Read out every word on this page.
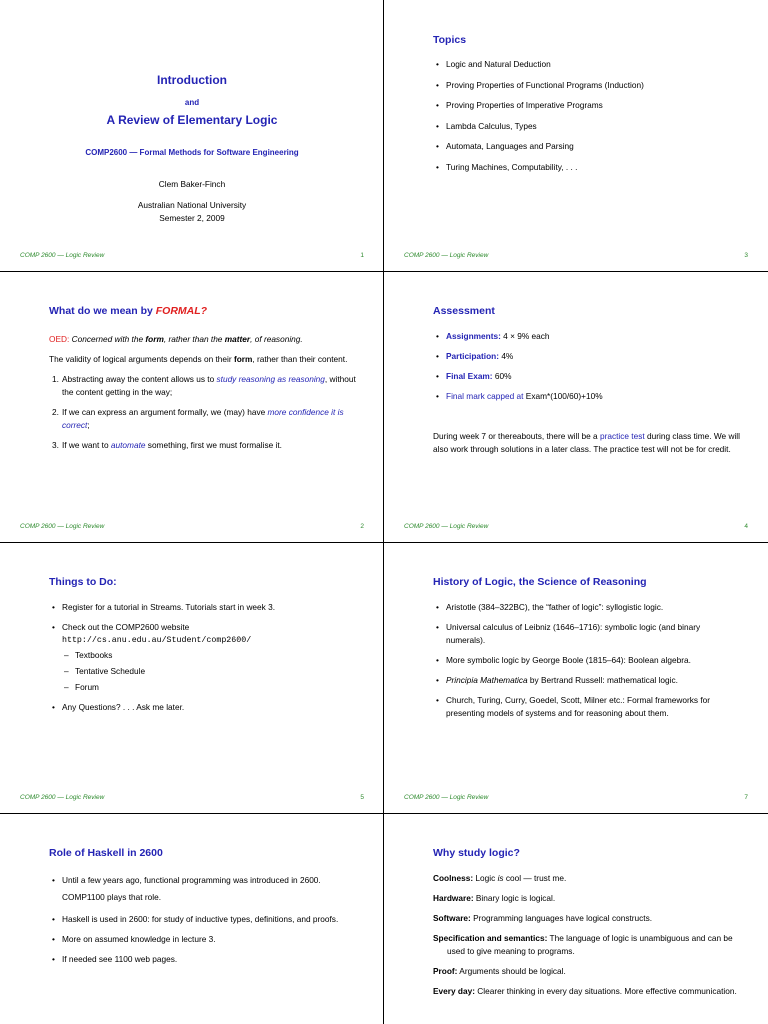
Introduction
and
A Review of Elementary Logic
COMP2600 — Formal Methods for Software Engineering
Clem Baker-Finch
Australian National University
Semester 2, 2009
COMP 2600 — Logic Review	1
Topics
• Logic and Natural Deduction
• Proving Properties of Functional Programs (Induction)
• Proving Properties of Imperative Programs
• Lambda Calculus, Types
• Automata, Languages and Parsing
• Turing Machines, Computability, . . .
COMP 2600 — Logic Review	3
What do we mean by FORMAL?
OED: Concerned with the form, rather than the matter, of reasoning.
The validity of logical arguments depends on their form, rather than their content.
1. Abstracting away the content allows us to study reasoning as reasoning, without the content getting in the way;
2. If we can express an argument formally, we (may) have more confidence it is correct;
3. If we want to automate something, first we must formalise it.
COMP 2600 — Logic Review	2
Assessment
• Assignments: 4 × 9% each
• Participation: 4%
• Final Exam: 60%
• Final mark capped at Exam*(100/60)+10%
During week 7 or thereabouts, there will be a practice test during class time. We will also work through solutions in a later class. The practice test will not be for credit.
COMP 2600 — Logic Review	4
Things to Do:
• Register for a tutorial in Streams. Tutorials start in week 3.
• Check out the COMP2600 website
http://cs.anu.edu.au/Student/comp2600/
– Textbooks
– Tentative Schedule
– Forum
• Any Questions? . . . Ask me later.
COMP 2600 — Logic Review	5
History of Logic, the Science of Reasoning
• Aristotle (384–322BC), the “father of logic”: syllogistic logic.
• Universal calculus of Leibniz (1646–1716): symbolic logic (and binary numerals).
• More symbolic logic by George Boole (1815–64): Boolean algebra.
• Principia Mathematica by Bertrand Russell: mathematical logic.
• Church, Turing, Curry, Goedel, Scott, Milner etc.: Formal frameworks for presenting models of systems and for reasoning about them.
COMP 2600 — Logic Review	7
Role of Haskell in 2600
• Until a few years ago, functional programming was introduced in 2600. COMP1100 plays that role.
• Haskell is used in 2600: for study of inductive types, definitions, and proofs.
• More on assumed knowledge in lecture 3.
• If needed see 1100 web pages.
Why study logic?
Coolness: Logic is cool — trust me.
Hardware: Binary logic is logical.
Software: Programming languages have logical constructs.
Specification and semantics: The language of logic is unambiguous and can be used to give meaning to programs.
Proof: Arguments should be logical.
Every day: Clearer thinking in every day situations. More effective communication.
